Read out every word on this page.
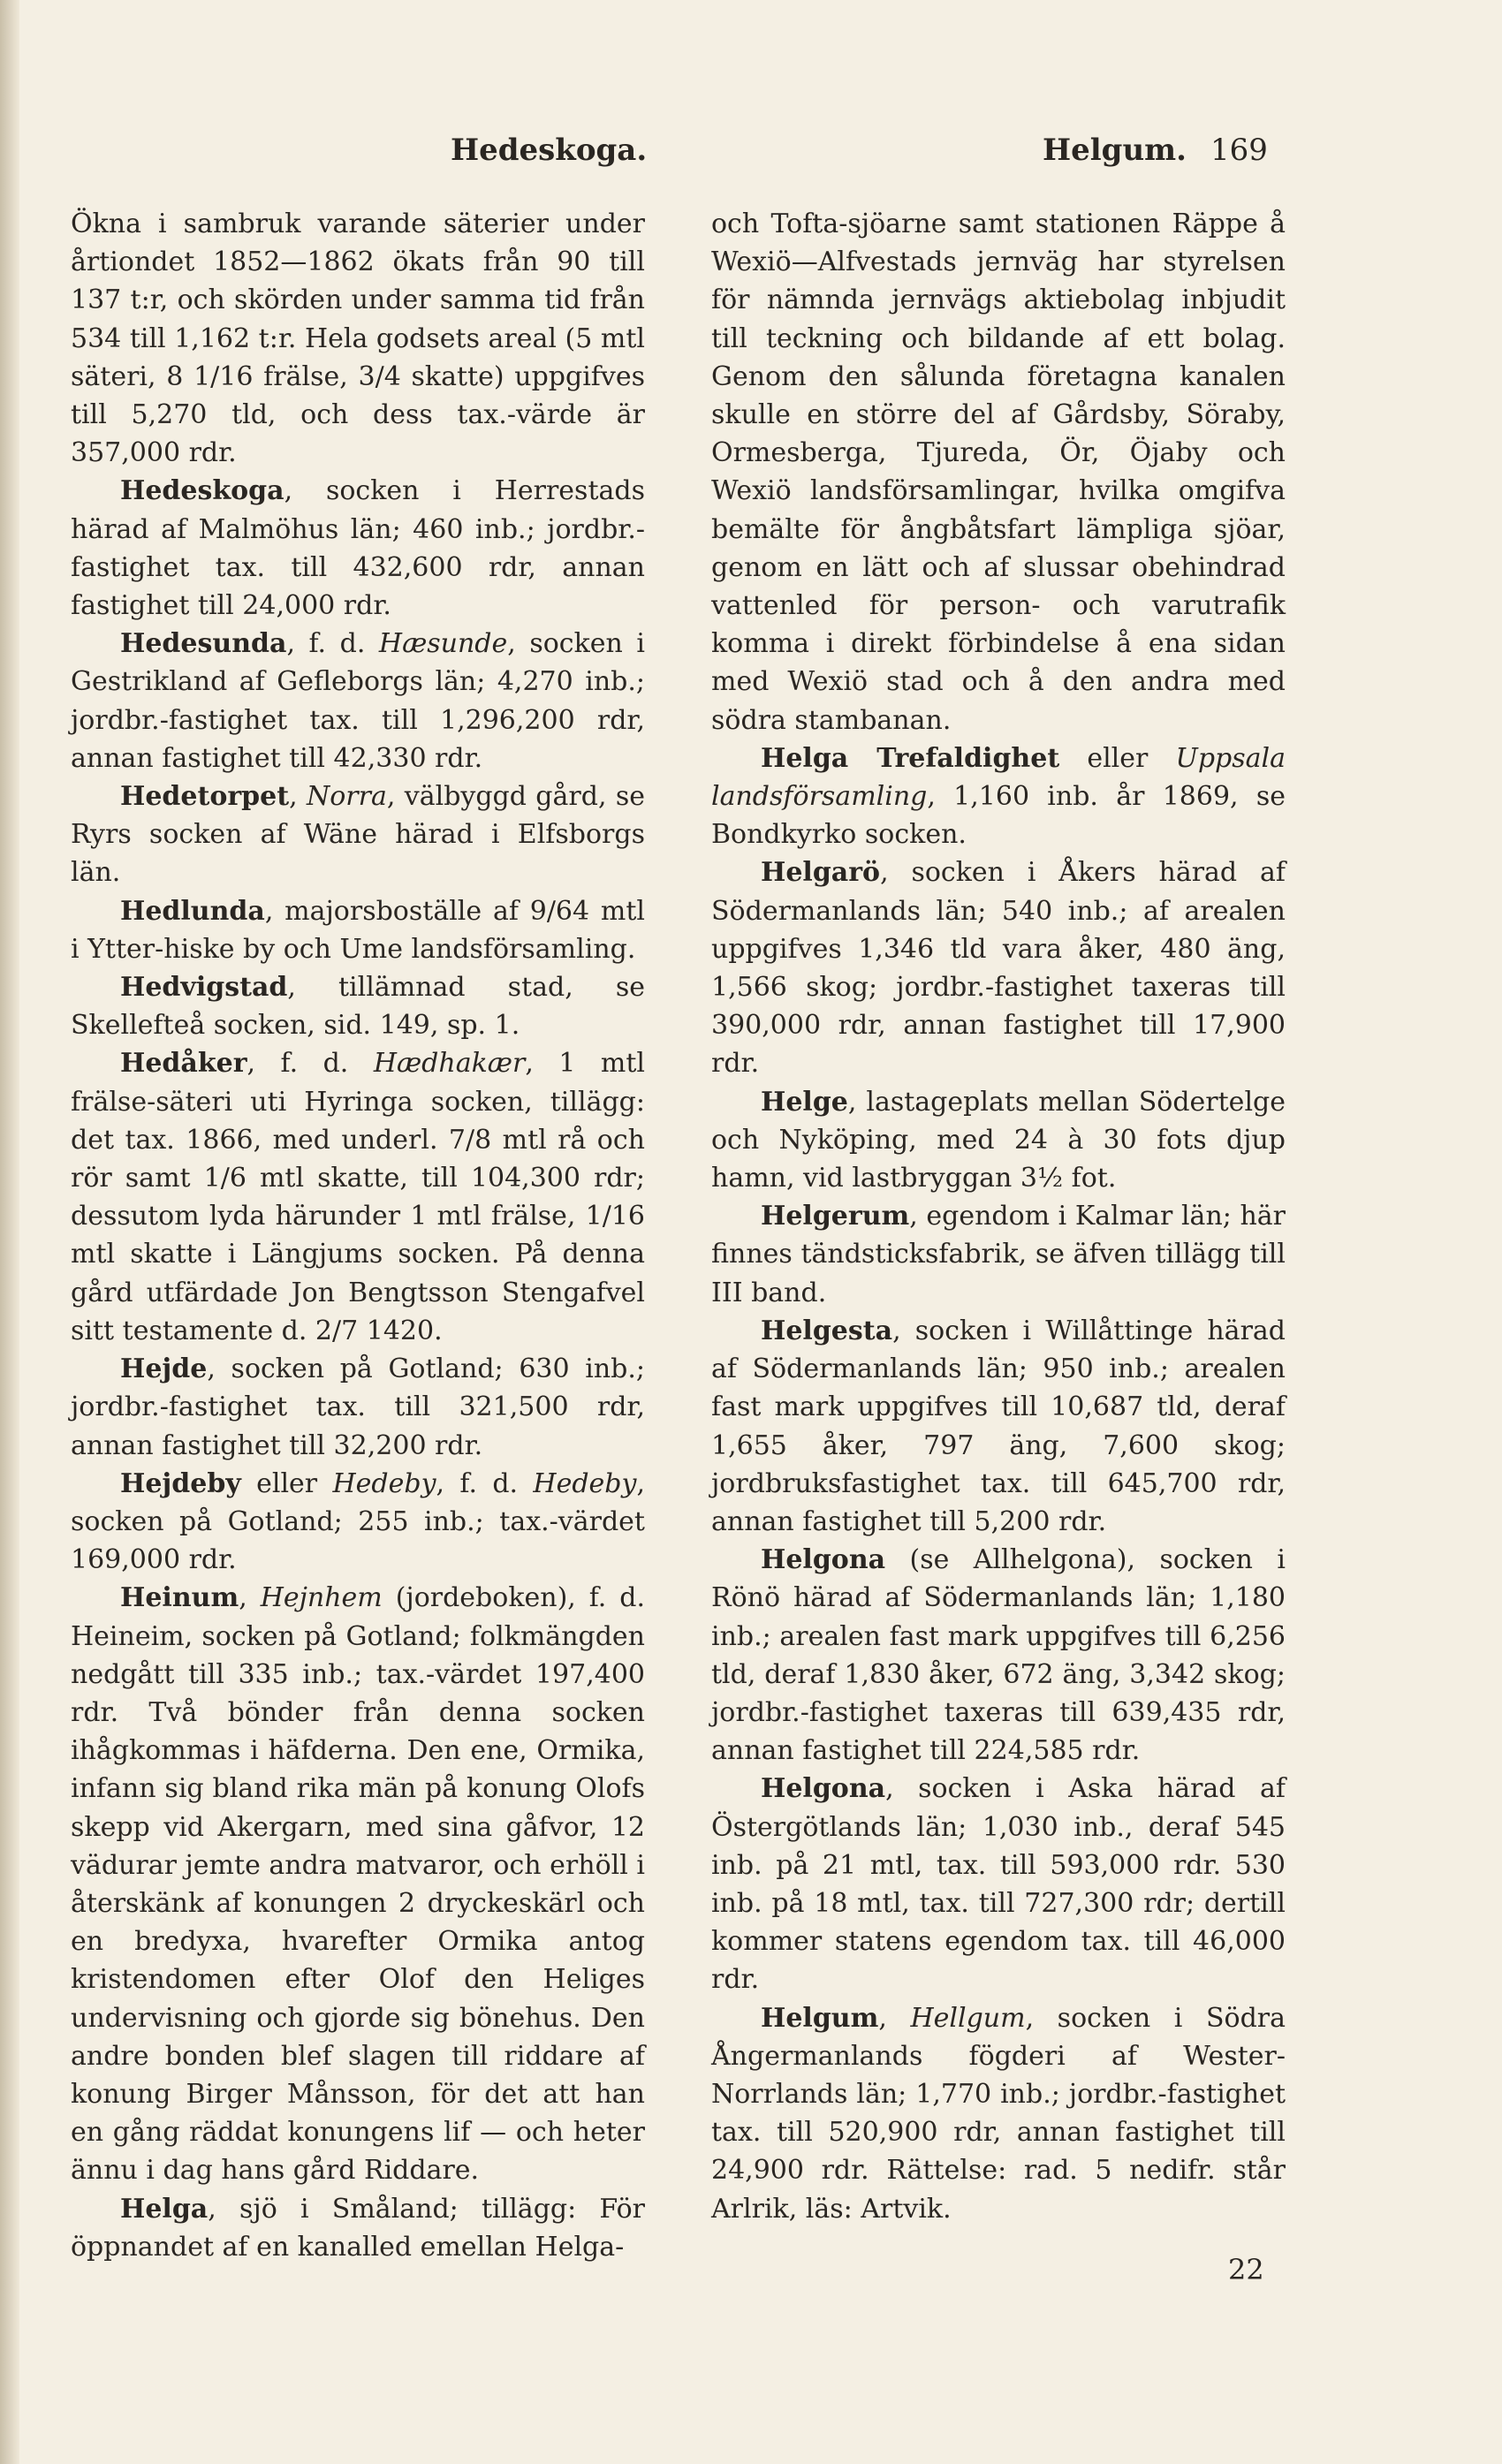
Hedeskoga.	Helgum. 169

Ökna i sambruk varande säterier under årtiondet 1852—1862 ökats från 90 till 137 t:r, och skörden under samma tid från 534 till 1,162 t:r. Hela godsets areal (5 mtl säteri, 8 1/16 frälse, 3/4 skatte) uppgifves till 5,270 tld, och dess tax.-värde är 357,000 rdr.

Hedeskoga, socken i Herrestads härad af Malmöhus län; 460 inb.; jordbr.-fastighet tax. till 432,600 rdr, annan fastighet till 24,000 rdr.

Hedesunda, f. d. Hæsunde, socken i Gestrikland af Gefleborgs län; 4,270 inb.; jordbr.-fastighet tax. till 1,296,200 rdr, annan fastighet till 42,330 rdr.

Hedetorpet, Norra, välbyggd gård, se Ryrs socken af Wäne härad i Elfsborgs län.

Hedlunda, majorsboställe af 9/64 mtl i Ytter-hiske by och Ume landsförsamling.

Hedvigstad, tillämnad stad, se Skellefteå socken, sid. 149, sp. 1.

Hedåker, f. d. Hædhakær, 1 mtl frälse-säteri uti Hyringa socken, tillägg: det tax. 1866, med underl. 7/8 mtl rå och rör samt 1/6 mtl skatte, till 104,300 rdr; dessutom lyda härunder 1 mtl frälse, 1/16 mtl skatte i Längjums socken. På denna gård utfärdade Jon Bengtsson Stengafvel sitt testamente d. 2/7 1420.

Hejde, socken på Gotland; 630 inb.; jordbr.-fastighet tax. till 321,500 rdr, annan fastighet till 32,200 rdr.

Hejdeby eller Hedeby, f. d. Hedeby, socken på Gotland; 255 inb.; tax.-värdet 169,000 rdr.

Heinum, Hejnhem (jordeboken), f. d. Heineim, socken på Gotland; folkmängden nedgått till 335 inb.; tax.-värdet 197,400 rdr. Två bönder från denna socken ihågkommas i häfderna. Den ene, Ormika, infann sig bland rika män på konung Olofs skepp vid Akergarn, med sina gåfvor, 12 vädurar jemte andra matvaror, och erhöll i återskänk af konungen 2 dryckeskärl och en bredyxa, hvarefter Ormika antog kristendomen efter Olof den Heliges undervisning och gjorde sig bönehus. Den andre bonden blef slagen till riddare af konung Birger Månsson, för det att han en gång räddat konungens lif — och heter ännu i dag hans gård Riddare.

Helga, sjö i Småland; tillägg: För öppnandet af en kanalled emellan Helga-

och Tofta-sjöarne samt stationen Räppe å Wexiö—Alfvestads jernväg har styrelsen för nämnda jernvägs aktiebolag inbjudit till teckning och bildande af ett bolag. Genom den sålunda företagna kanalen skulle en större del af Gårdsby, Söraby, Ormesberga, Tjureda, Ör, Öjaby och Wexiö landsförsamlingar, hvilka omgifva bemälte för ångbåtsfart lämpliga sjöar, genom en lätt och af slussar obehindrad vattenled för person- och varutrafik komma i direkt förbindelse å ena sidan med Wexiö stad och å den andra med södra stambanan.

Helga Trefaldighet eller Uppsala landsförsamling, 1,160 inb. år 1869, se Bondkyrko socken.

Helgarö, socken i Åkers härad af Södermanlands län; 540 inb.; af arealen uppgifves 1,346 tld vara åker, 480 äng, 1,566 skog; jordbr.-fastighet taxeras till 390,000 rdr, annan fastighet till 17,900 rdr.

Helge, lastageplats mellan Södertelge och Nyköping, med 24 à 30 fots djup hamn, vid lastbryggan 3½ fot.

Helgerum, egendom i Kalmar län; här finnes tändsticksfabrik, se äfven tillägg till III band.

Helgesta, socken i Willåttinge härad af Södermanlands län; 950 inb.; arealen fast mark uppgifves till 10,687 tld, deraf 1,655 åker, 797 äng, 7,600 skog; jordbruksfastighet tax. till 645,700 rdr, annan fastighet till 5,200 rdr.

Helgona (se Allhelgona), socken i Rönö härad af Södermanlands län; 1,180 inb.; arealen fast mark uppgifves till 6,256 tld, deraf 1,830 åker, 672 äng, 3,342 skog; jordbr.-fastighet taxeras till 639,435 rdr, annan fastighet till 224,585 rdr.

Helgona, socken i Aska härad af Östergötlands län; 1,030 inb., deraf 545 inb. på 21 mtl, tax. till 593,000 rdr. 530 inb. på 18 mtl, tax. till 727,300 rdr; dertill kommer statens egendom tax. till 46,000 rdr.

Helgum, Hellgum, socken i Södra Ångermanlands fögderi af Wester-Norrlands län; 1,770 inb.; jordbr.-fastighet tax. till 520,900 rdr, annan fastighet till 24,900 rdr. Rättelse: rad. 5 nedifr. står Arlrik, läs: Artvik.

22
